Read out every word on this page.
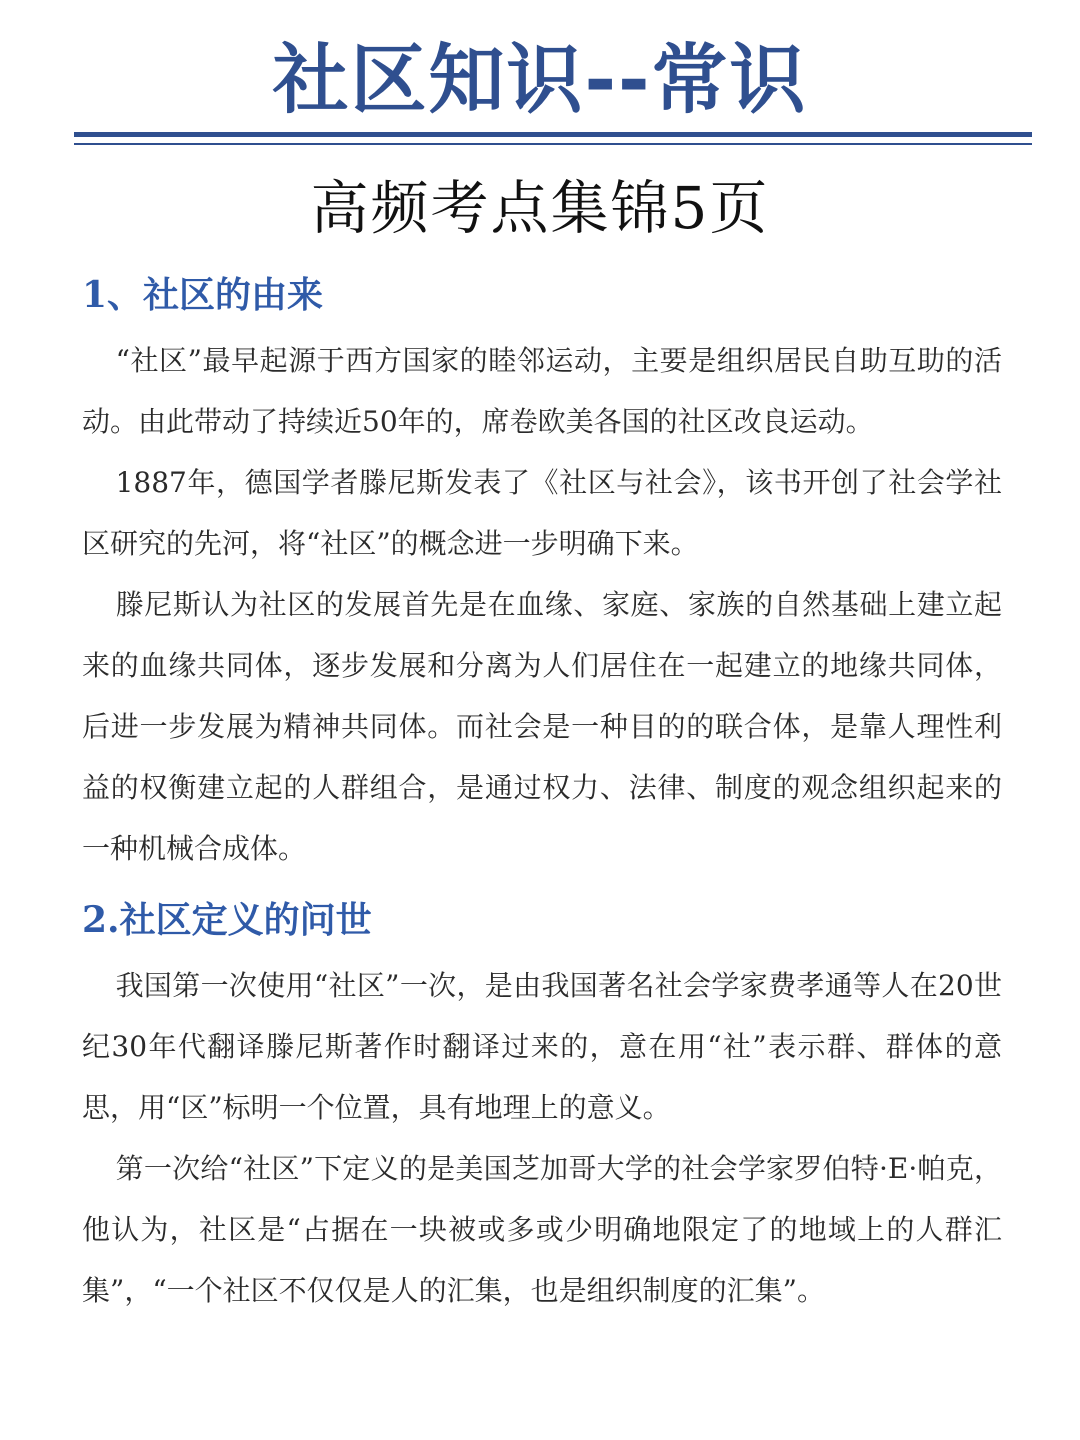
社区知识--常识
高频考点集锦5页
1、社区的由来

“社区”最早起源于西方国家的睦邻运动，主要是组织居民自助互助的活动。由此带动了持续近50年的，席卷欧美各国的社区改良运动。

1887年，德国学者滕尼斯发表了《社区与社会》，该书开创了社会学社区研究的先河，将“社区”的概念进一步明确下来。

滕尼斯认为社区的发展首先是在血缘、家庭、家族的自然基础上建立起来的血缘共同体，逐步发展和分离为人们居住在一起建立的地缘共同体，后进一步发展为精神共同体。而社会是一种目的的联合体，是靠人理性利益的权衡建立起的人群组合，是通过权力、法律、制度的观念组织起来的一种机械合成体。

2.社区定义的问世

我国第一次使用“社区”一次，是由我国著名社会学家费孝通等人在20世纪30年代翻译滕尼斯著作时翻译过来的，意在用“社”表示群、群体的意思，用“区”标明一个位置，具有地理上的意义。

第一次给“社区”下定义的是美国芝加哥大学的社会学家罗伯特·E·帕克，他认为，社区是“占据在一块被或多或少明确地限定了的地域上的人群汇集”，“一个社区不仅仅是人的汇集，也是组织制度的汇集”。
